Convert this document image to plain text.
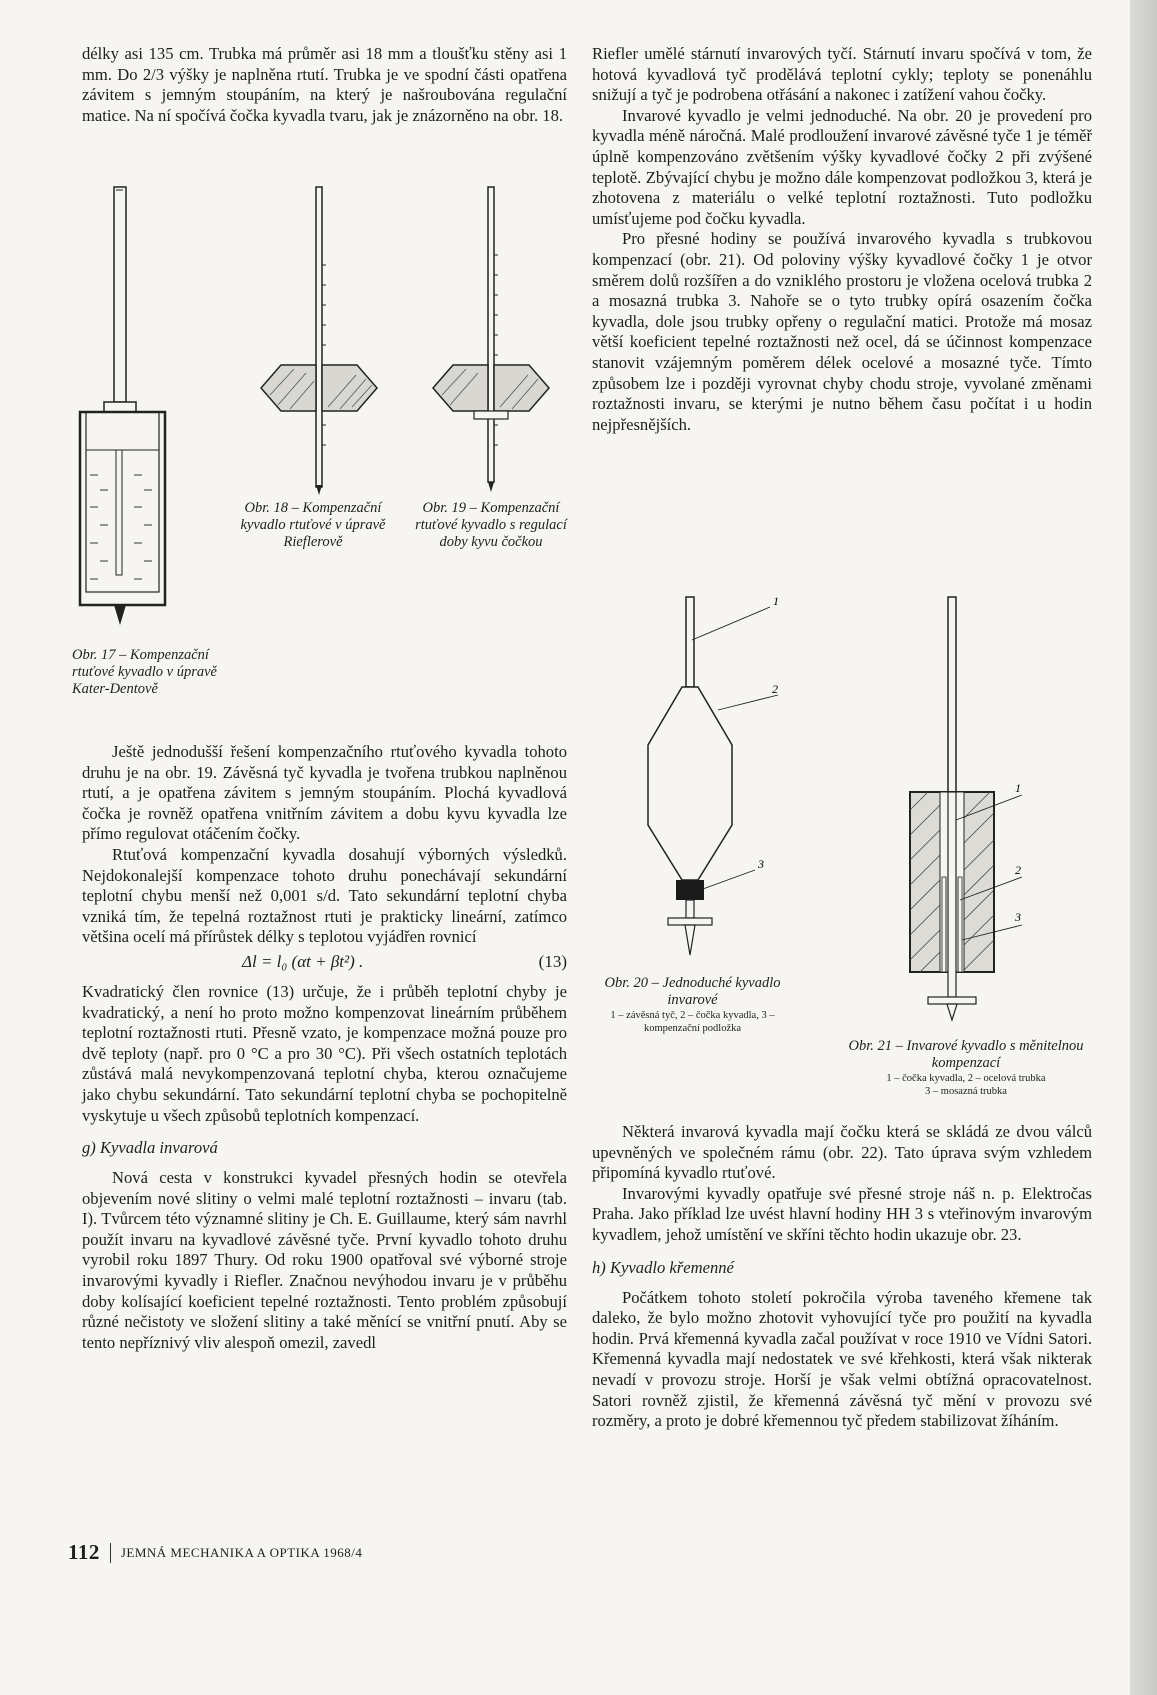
délky asi 135 cm. Trubka má průměr asi 18 mm a tloušťku stěny asi 1 mm. Do 2/3 výšky je naplněna rtutí. Trubka je ve spodní části opatřena závitem s jemným stoupáním, na který je našroubována regulační matice. Na ní spočívá čočka kyvadla tvaru, jak je znázorněno na obr. 18.

Obr. 17 – Kompenzační rtuťové kyvadlo v úpravě Kater-Dentově
Obr. 18 – Kompenzační kyvadlo rtuťové v úpravě Rieflerově
Obr. 19 – Kompenzační rtuťové kyvadlo s regulací doby kyvu čočkou

Ještě jednodušší řešení kompenzačního rtuťového kyvadla tohoto druhu je na obr. 19. Závěsná tyč kyvadla je tvořena trubkou naplněnou rtutí, a je opatřena závitem s jemným stoupáním. Plochá kyvadlová čočka je rovněž opatřena vnitřním závitem a dobu kyvu kyvadla lze přímo regulovat otáčením čočky.

Rtuťová kompenzační kyvadla dosahují výborných výsledků. Nejdokonalejší kompenzace tohoto druhu ponechávají sekundární teplotní chybu menší než 0,001 s/d. Tato sekundární teplotní chyba vzniká tím, že tepelná roztažnost rtuti je prakticky lineární, zatímco většina ocelí má přírůstek délky s teplotou vyjádřen rovnicí

Δl = l₀ (αt + βt²) .	(13)

Kvadratický člen rovnice (13) určuje, že i průběh teplotní chyby je kvadratický, a není ho proto možno kompenzovat lineárním průběhem teplotní roztažnosti rtuti. Přesně vzato, je kompenzace možná pouze pro dvě teploty (např. pro 0 °C a pro 30 °C). Při všech ostatních teplotách zůstává malá nevykompenzovaná teplotní chyba, kterou označujeme jako chybu sekundární. Tato sekundární teplotní chyba se pochopitelně vyskytuje u všech způsobů teplotních kompenzací.

g) Kyvadla invarová

Nová cesta v konstrukci kyvadel přesných hodin se otevřela objevením nové slitiny o velmi malé teplotní roztažnosti – invaru (tab. I). Tvůrcem této významné slitiny je Ch. E. Guillaume, který sám navrhl použít invaru na kyvadlové závěsné tyče. První kyvadlo tohoto druhu vyrobil roku 1897 Thury. Od roku 1900 opatřoval své výborné stroje invarovými kyvadly i Riefler. Značnou nevýhodou invaru je v průběhu doby kolísající koeficient tepelné roztažnosti. Tento problém způsobují různé nečistoty ve složení slitiny a také měnící se vnitřní pnutí. Aby se tento nepříznivý vliv alespoň omezil, zavedl

Riefler umělé stárnutí invarových tyčí. Stárnutí invaru spočívá v tom, že hotová kyvadlová tyč prodělává teplotní cykly; teploty se ponenáhlu snižují a tyč je podrobena otřásání a nakonec i zatížení vahou čočky.

Invarové kyvadlo je velmi jednoduché. Na obr. 20 je provedení pro kyvadla méně náročná. Malé prodloužení invarové závěsné tyče 1 je téměř úplně kompenzováno zvětšením výšky kyvadlové čočky 2 při zvýšené teplotě. Zbývající chybu je možno dále kompenzovat podložkou 3, která je zhotovena z materiálu o velké teplotní roztažnosti. Tuto podložku umísťujeme pod čočku kyvadla.

Pro přesné hodiny se používá invarového kyvadla s trubkovou kompenzací (obr. 21). Od poloviny výšky kyvadlové čočky 1 je otvor směrem dolů rozšířen a do vzniklého prostoru je vložena ocelová trubka 2 a mosazná trubka 3. Nahoře se o tyto trubky opírá osazením čočka kyvadla, dole jsou trubky opřeny o regulační matici. Protože má mosaz větší koeficient tepelné roztažnosti než ocel, dá se účinnost kompenzace stanovit vzájemným poměrem délek ocelové a mosazné tyče. Tímto způsobem lze i později vyrovnat chyby chodu stroje, vyvolané změnami roztažnosti invaru, se kterými je nutno během času počítat i u hodin nejpřesnějších.

1
2
3
Obr. 20 – Jednoduché kyvadlo invarové
1 – závěsná tyč, 2 – čočka kyvadla, 3 – kompenzační podložka
1
2
3
Obr. 21 – Invarové kyvadlo s měnitelnou kompenzací
1 – čočka kyvadla, 2 – ocelová trubka
3 – mosazná trubka

Některá invarová kyvadla mají čočku která se skládá ze dvou válců upevněných ve společném rámu (obr. 22). Tato úprava svým vzhledem připomíná kyvadlo rtuťové.

Invarovými kyvadly opatřuje své přesné stroje náš n. p. Elektročas Praha. Jako příklad lze uvést hlavní hodiny HH 3 s vteřinovým invarovým kyvadlem, jehož umístění ve skříni těchto hodin ukazuje obr. 23.

h) Kyvadlo křemenné

Počátkem tohoto století pokročila výroba taveného křemene tak daleko, že bylo možno zhotovit vyhovující tyče pro použití na kyvadla hodin. Prvá křemenná kyvadla začal používat v roce 1910 ve Vídni Satori. Křemenná kyvadla mají nedostatek ve své křehkosti, která však nikterak nevadí v provozu stroje. Horší je však velmi obtížná opracovatelnost. Satori rovněž zjistil, že křemenná závěsná tyč mění v provozu své rozměry, a proto je dobré křemennou tyč předem stabilizovat žíháním.

112 JEMNÁ MECHANIKA A OPTIKA 1968/4
